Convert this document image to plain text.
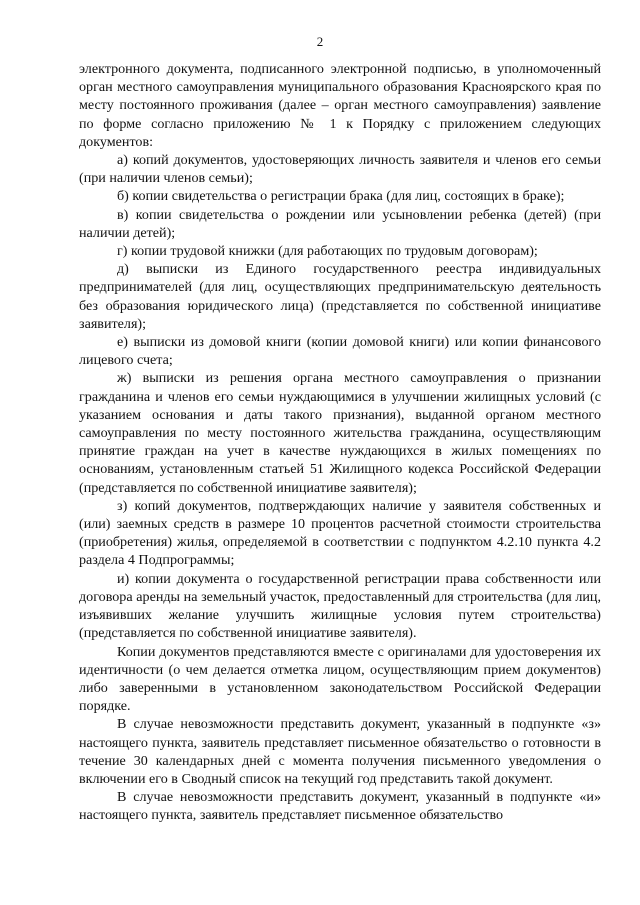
2

электронного документа, подписанного электронной подписью, в уполномоченный орган местного самоуправления муниципального образования Красноярского края по месту постоянного проживания (далее – орган местного самоуправления) заявление по форме согласно приложению № 1 к Порядку с приложением следующих документов:

а) копий документов, удостоверяющих личность заявителя и членов его семьи (при наличии членов семьи);

б) копии свидетельства о регистрации брака (для лиц, состоящих в браке);

в) копии свидетельства о рождении или усыновлении ребенка (детей) (при наличии детей);

г) копии трудовой книжки (для работающих по трудовым договорам);

д) выписки из Единого государственного реестра индивидуальных предпринимателей (для лиц, осуществляющих предпринимательскую деятельность без образования юридического лица) (представляется по собственной инициативе заявителя);

е) выписки из домовой книги (копии домовой книги) или копии финансового лицевого счета;

ж) выписки из решения органа местного самоуправления о признании гражданина и членов его семьи нуждающимися в улучшении жилищных условий (с указанием основания и даты такого признания), выданной органом местного самоуправления по месту постоянного жительства гражданина, осуществляющим принятие граждан на учет в качестве нуждающихся в жилых помещениях по основаниям, установленным статьей 51 Жилищного кодекса Российской Федерации (представляется по собственной инициативе заявителя);

з) копий документов, подтверждающих наличие у заявителя собственных и (или) заемных средств в размере 10 процентов расчетной стоимости строительства (приобретения) жилья, определяемой в соответствии с подпунктом 4.2.10 пункта 4.2 раздела 4 Подпрограммы;

и) копии документа о государственной регистрации права собственности или договора аренды на земельный участок, предоставленный для строительства (для лиц, изъявивших желание улучшить жилищные условия путем строительства) (представляется по собственной инициативе заявителя).

Копии документов представляются вместе с оригиналами для удостоверения их идентичности (о чем делается отметка лицом, осуществляющим прием документов) либо заверенными в установленном законодательством Российской Федерации порядке.

В случае невозможности представить документ, указанный в подпункте «з» настоящего пункта, заявитель представляет письменное обязательство о готовности в течение 30 календарных дней с момента получения письменного уведомления о включении его в Сводный список на текущий год представить такой документ.

В случае невозможности представить документ, указанный в подпункте «и» настоящего пункта, заявитель представляет письменное обязательство
